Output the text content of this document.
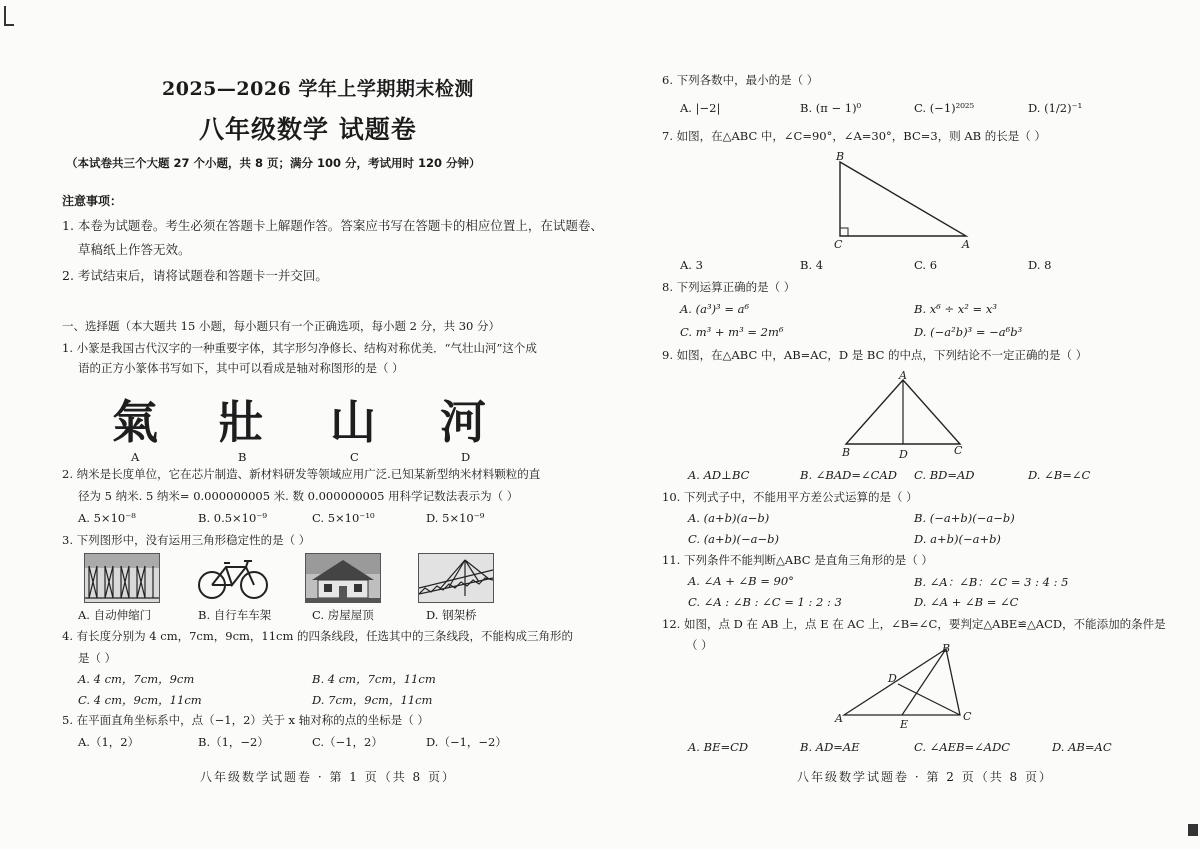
2025—2026 学年上学期期末检测
八年级数学 试题卷
（本试卷共三个大题 27 个小题，共 8 页；满分 100 分，考试用时 120 分钟）
注意事项：
1. 本卷为试题卷。考生必须在答题卡上解题作答。答案应书写在答题卡的相应位置上，在试题卷、
草稿纸上作答无效。
2. 考试结束后，请将试题卷和答题卡一并交回。
一、选择题（本大题共 15 小题，每小题只有一个正确选项，每小题 2 分，共 30 分）
1. 小篆是我国古代汉字的一种重要字体，其字形匀净修长、结构对称优美．“气壮山河”这个成
语的正方小篆体书写如下，其中可以看成是轴对称图形的是（ ）
氣 壯 山 河
A	B	C	D
2. 纳米是长度单位，它在芯片制造、新材料研发等领域应用广泛.已知某新型纳米材料颗粒的直
径为 5 纳米. 5 纳米= 0.000000005 米. 数 0.000000005 用科学记数法表示为（ ）
A. 5×10⁻⁸	B. 0.5×10⁻⁹	C. 5×10⁻¹⁰	D. 5×10⁻⁹
3. 下列图形中，没有运用三角形稳定性的是（ ）
A. 自动伸缩门	B. 自行车车架	C. 房屋屋顶	D. 钢架桥
4. 有长度分别为 4 cm，7cm，9cm，11cm 的四条线段，任选其中的三条线段，不能构成三角形的
是（ ）
A. 4 cm，7cm，9cm	B. 4 cm，7cm，11cm
C. 4 cm，9cm，11cm	D. 7cm，9cm，11cm
5. 在平面直角坐标系中，点（−1，2）关于 x 轴对称的点的坐标是（ ）
A.（1，2）	B.（1，−2）	C.（−1，2）	D.（−1，−2）
八年级数学试题卷 · 第 1 页（共 8 页）
6. 下列各数中，最小的是（ ）
A. |−2|	B. (π − 1)⁰	C. (−1)²⁰²⁵	D. (1/2)⁻¹
7. 如图，在△ABC 中，∠C=90°，∠A=30°，BC=3，则 AB 的长是（ ）
B
C	A
A. 3	B. 4	C. 6	D. 8
8. 下列运算正确的是（ ）
A. (a³)³ = a⁶	B. x⁶ ÷ x² = x³
C. m³ + m³ = 2m⁶	D. (−a²b)³ = −a⁶b³
9. 如图，在△ABC 中，AB=AC，D 是 BC 的中点，下列结论不一定正确的是（ ）
A
B	D	C
A. AD⊥BC	B. ∠BAD=∠CAD C. BD=AD	D. ∠B=∠C
10. 下列式子中，不能用平方差公式运算的是（ ）
A. (a+b)(a−b)	B. (−a+b)(−a−b)
C. (a+b)(−a−b)	D. a+b)(−a+b)
11. 下列条件不能判断△ABC 是直角三角形的是（ ）
A. ∠A + ∠B = 90°	B. ∠A：∠B：∠C = 3 : 4 : 5
C. ∠A : ∠B : ∠C = 1 : 2 : 3	D. ∠A + ∠B = ∠C
12. 如图，点 D 在 AB 上，点 E 在 AC 上，∠B=∠C，要判定△ABE≌△ACD，不能添加的条件是
（ ）	B
D
A	E
C
A. BE=CD	B. AD=AE	C. ∠AEB=∠ADC	D. AB=AC
八年级数学试题卷 · 第 2 页（共 8 页）
